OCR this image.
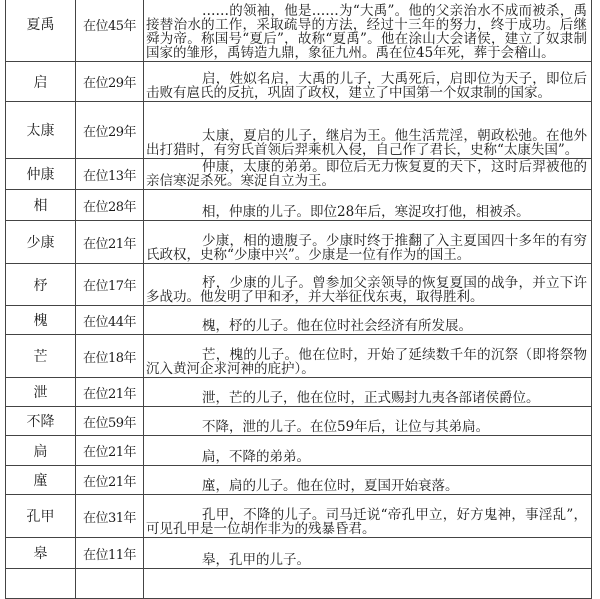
夏禹	在位45年	……的领袖，他是……为“大禹”。他的父亲治水不成而被杀，禹接替治水的工作，采取疏导的方法，经过十三年的努力，终于成功。后继舜为帝。称国号“夏后”，故称“夏禹”。他在涂山大会诸侯，建立了奴隶制国家的雏形，禹铸造九鼎，象征九州。禹在位45年死，葬于会稽山。

启	在位29年	启，姓姒名启，大禹的儿子，大禹死后，启即位为天子，即位后击败有扈氏的反抗，巩固了政权，建立了中国第一个奴隶制的国家。

太康	在位29年	太康，夏启的儿子，继启为王。他生活荒淫，朝政松弛。在他外出打猎时，有穷氏首领后羿乘机入侵，自己作了君长，史称“太康失国”。

仲康	在位13年	仲康，太康的弟弟。即位后无力恢复夏的天下，这时后羿被他的亲信寒浞杀死。寒浞自立为王。

相	在位28年	相，仲康的儿子。即位28年后，寒浞攻打他，相被杀。

少康	在位21年	少康，相的遗腹子。少康时终于推翻了入主夏国四十多年的有穷氏政权，史称“少康中兴”。少康是一位有作为的国王。

杼	在位17年	杼，少康的儿子。曾参加父亲领导的恢复夏国的战争，并立下许多战功。他发明了甲和矛，并大举征伐东夷，取得胜利。

槐	在位44年	槐，杼的儿子。他在位时社会经济有所发展。

芒	在位18年	芒，槐的儿子。他在位时，开始了延续数千年的沉祭（即将祭物沉入黄河企求河神的庇护）。

泄	在位21年	泄，芒的儿子，他在位时，正式赐封九夷各部诸侯爵位。

不降	在位59年	不降，泄的儿子。在位59年后，让位与其弟扃。

扃	在位21年	扃，不降的弟弟。

廑	在位21年	廑，扃的儿子。他在位时，夏国开始衰落。

孔甲	在位31年	孔甲，不降的儿子。司马迁说“帝孔甲立，好方鬼神，事淫乱”，可见孔甲是一位胡作非为的残暴昏君。

皋	在位11年	皋，孔甲的儿子。
